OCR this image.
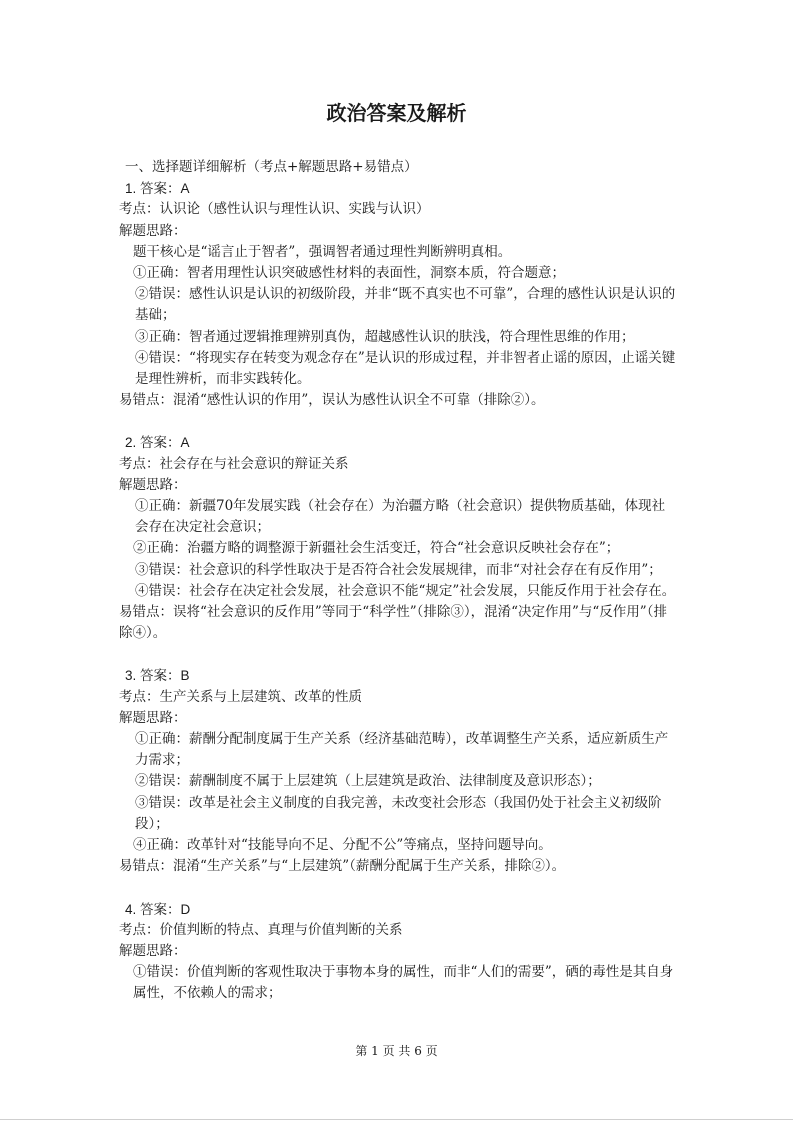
政治答案及解析
一、选择题详细解析（考点+解题思路+易错点）
1. 答案：A
考点：认识论（感性认识与理性认识、实践与认识）
解题思路：
题干核心是“谣言止于智者”，强调智者通过理性判断辨明真相。
①正确：智者用理性认识突破感性材料的表面性，洞察本质，符合题意；
②错误：感性认识是认识的初级阶段，并非“既不真实也不可靠”，合理的感性认识是认识的基础；
③正确：智者通过逻辑推理辨别真伪，超越感性认识的肤浅，符合理性思维的作用；
④错误：“将现实存在转变为观念存在”是认识的形成过程，并非智者止谣的原因，止谣关键是理性辨析，而非实践转化。
易错点：混淆“感性认识的作用”，误认为感性认识全不可靠（排除②）。
2. 答案：A
考点：社会存在与社会意识的辩证关系
解题思路：
①正确：新疆70年发展实践（社会存在）为治疆方略（社会意识）提供物质基础，体现社会存在决定社会意识；
②正确：治疆方略的调整源于新疆社会生活变迁，符合“社会意识反映社会存在”；
③错误：社会意识的科学性取决于是否符合社会发展规律，而非“对社会存在有反作用”；
④错误：社会存在决定社会发展，社会意识不能“规定”社会发展，只能反作用于社会存在。
易错点：误将“社会意识的反作用”等同于“科学性”（排除③），混淆“决定作用”与“反作用”（排除④）。
3. 答案：B
考点：生产关系与上层建筑、改革的性质
解题思路：
①正确：薪酬分配制度属于生产关系（经济基础范畴），改革调整生产关系，适应新质生产力需求；
②错误：薪酬制度不属于上层建筑（上层建筑是政治、法律制度及意识形态）；
③错误：改革是社会主义制度的自我完善，未改变社会形态（我国仍处于社会主义初级阶段）；
④正确：改革针对“技能导向不足、分配不公”等痛点，坚持问题导向。
易错点：混淆“生产关系”与“上层建筑”（薪酬分配属于生产关系，排除②）。
4. 答案：D
考点：价值判断的特点、真理与价值判断的关系
解题思路：
①错误：价值判断的客观性取决于事物本身的属性，而非“人们的需要”，硒的毒性是其自身属性，不依赖人的需求；
第 1 页 共 6 页
